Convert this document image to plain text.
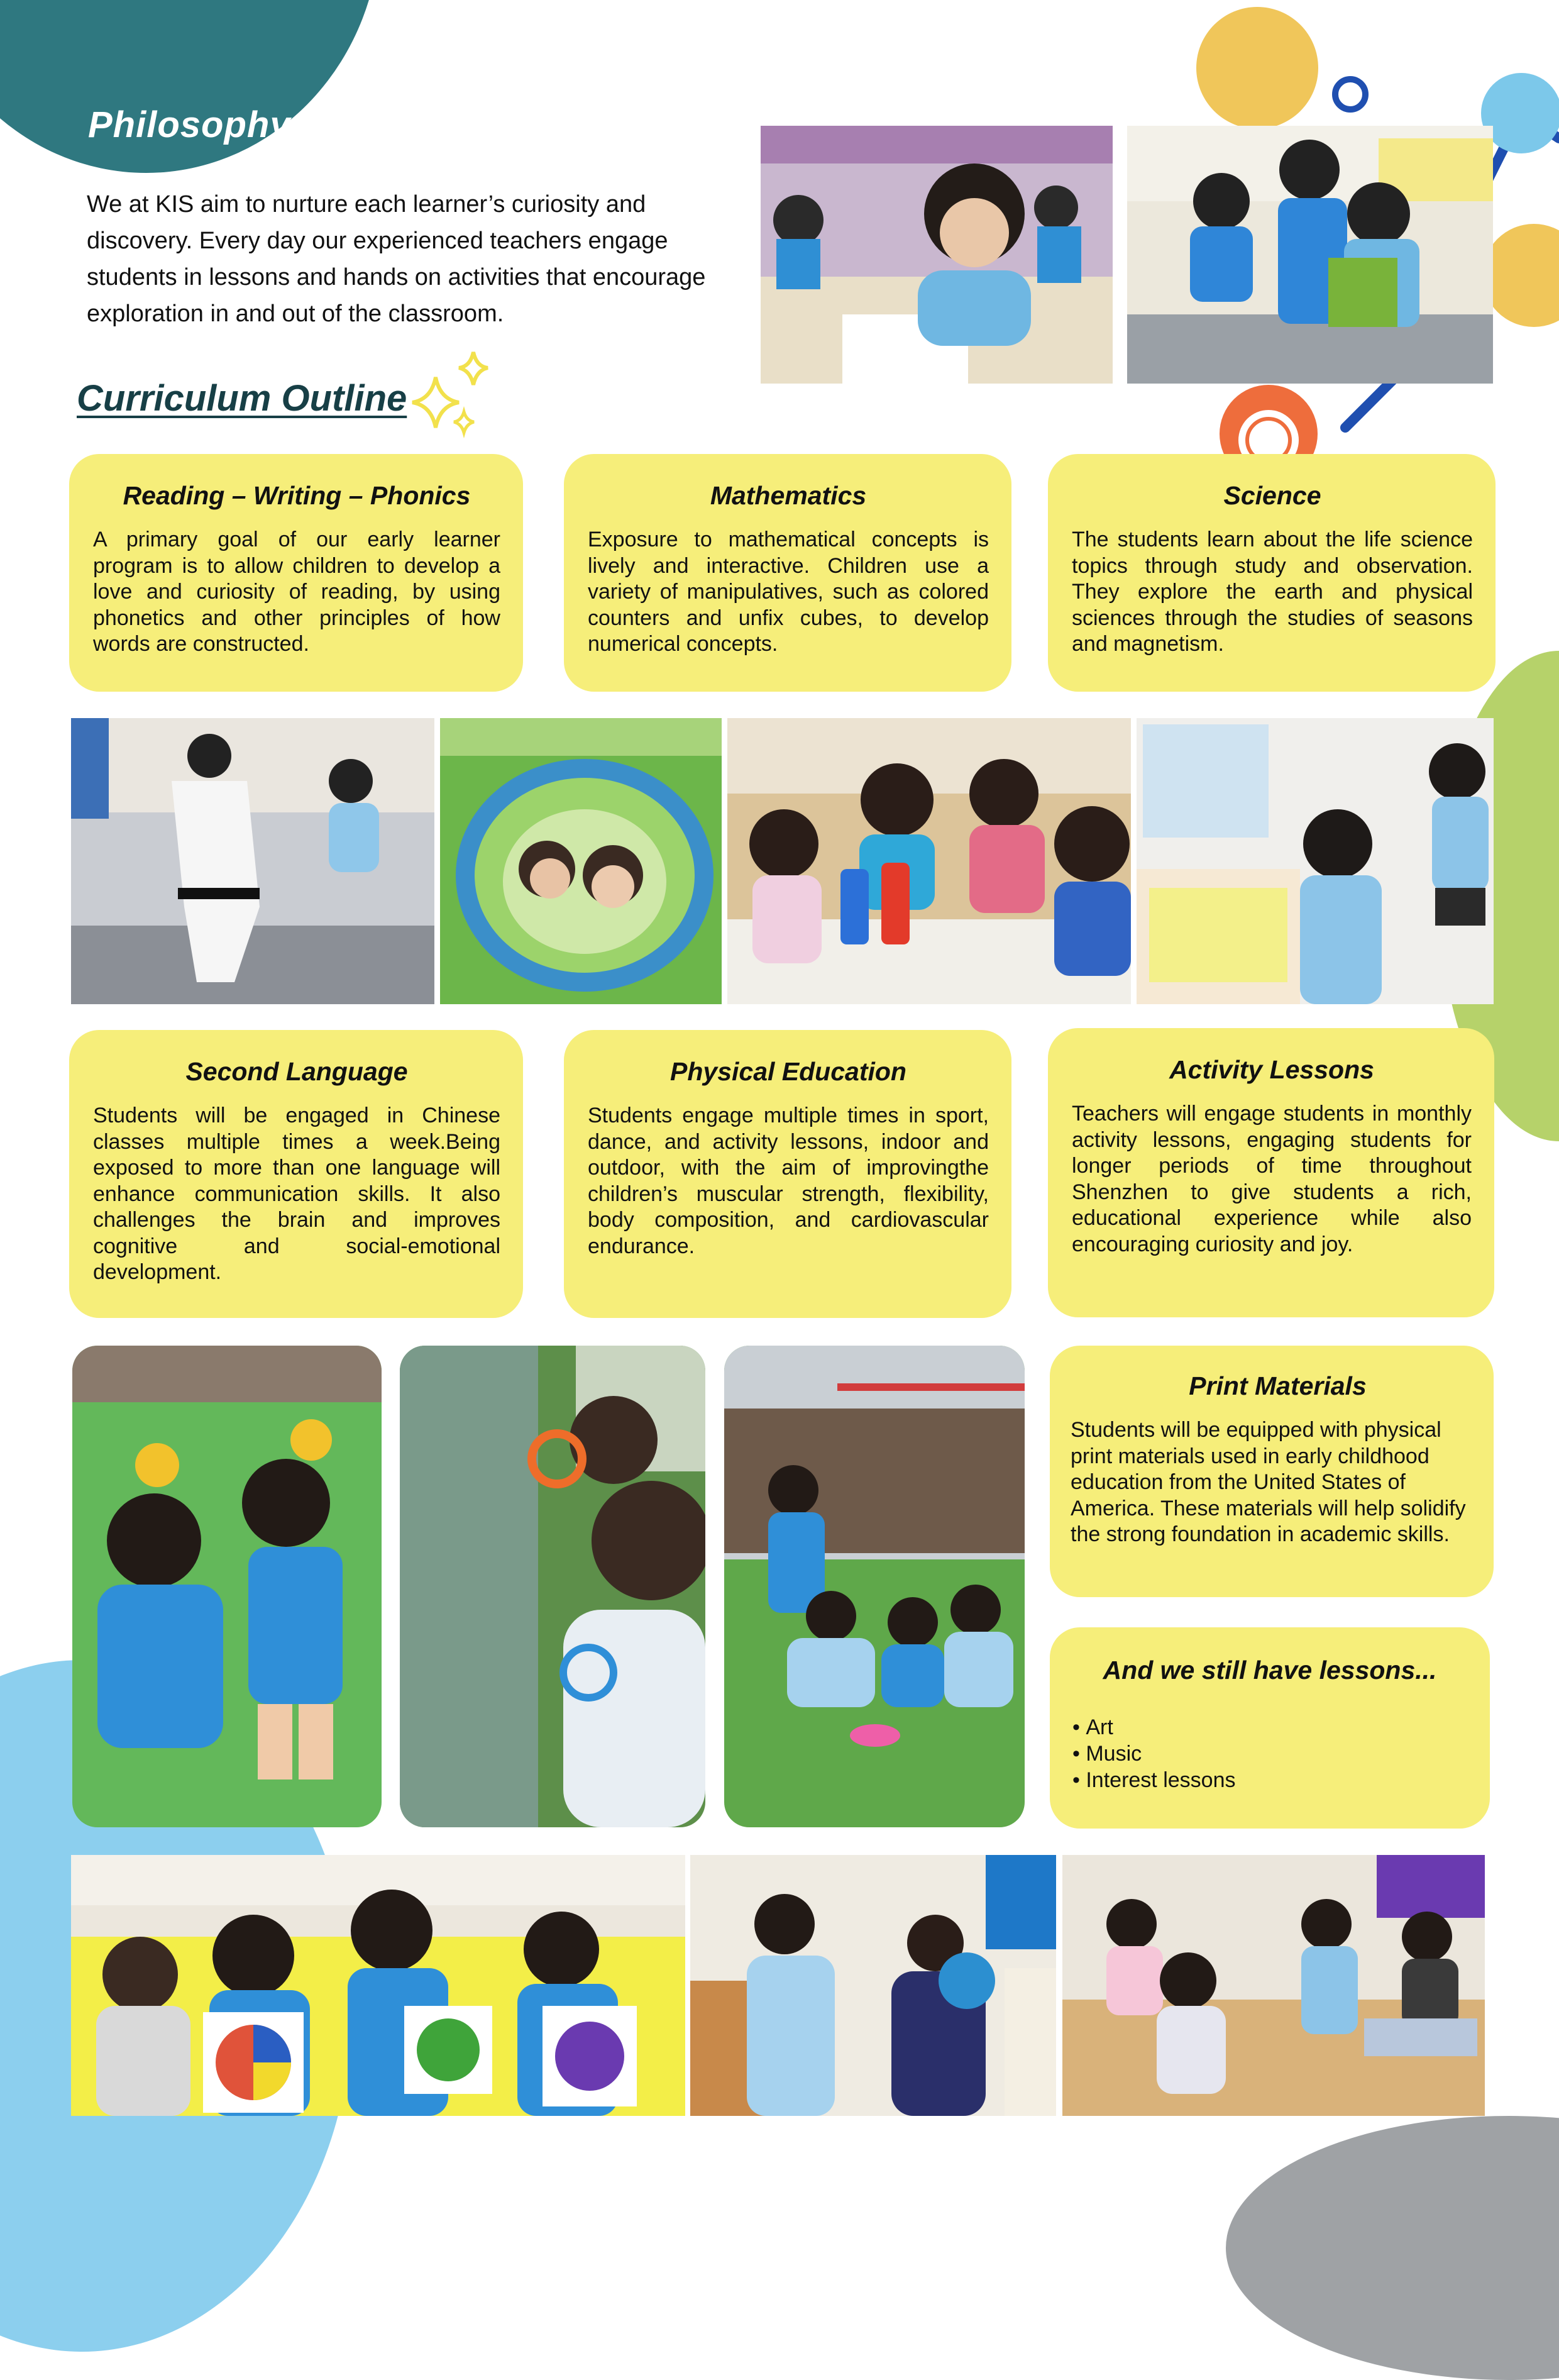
Philosophy
We at KIS aim to nurture each learner’s curiosity and discovery. Every day our experienced teachers engage students in lessons and hands on activities that encourage exploration in and out of the classroom.
Curriculum Outline
Reading – Writing – Phonics
A primary goal of our early learner program is to allow children to develop a love and curiosity of reading, by using phonetics and other principles of how words are constructed.
Mathematics
Exposure to mathematical concepts is lively and interactive. Children use a variety of manipulatives, such as colored counters and unfix cubes, to develop numerical concepts.
Science
The students learn about the life science topics through study and observation. They explore the earth and physical sciences through the studies of seasons and magnetism.
Second Language
Students will be engaged in Chinese classes multiple times a week.Being exposed to more than one language will enhance communication skills. It also challenges the brain and improves cognitive and social-emotional development.
Physical Education
Students engage multiple times in sport, dance, and activity lessons, indoor and outdoor, with the aim of improvingthe children’s muscular strength, flexibility, body composition, and cardiovascular endurance.
Activity Lessons
Teachers will engage students in monthly activity lessons, engaging students for longer periods of time throughout Shenzhen to give students a rich, educational experience while also encouraging curiosity and joy.
Print Materials
Students will be equipped with physical print materials used in early childhood education from the United States of America. These materials will help solidify the strong foundation in academic skills.
And we still have lessons...
• Art
• Music
• Interest lessons
